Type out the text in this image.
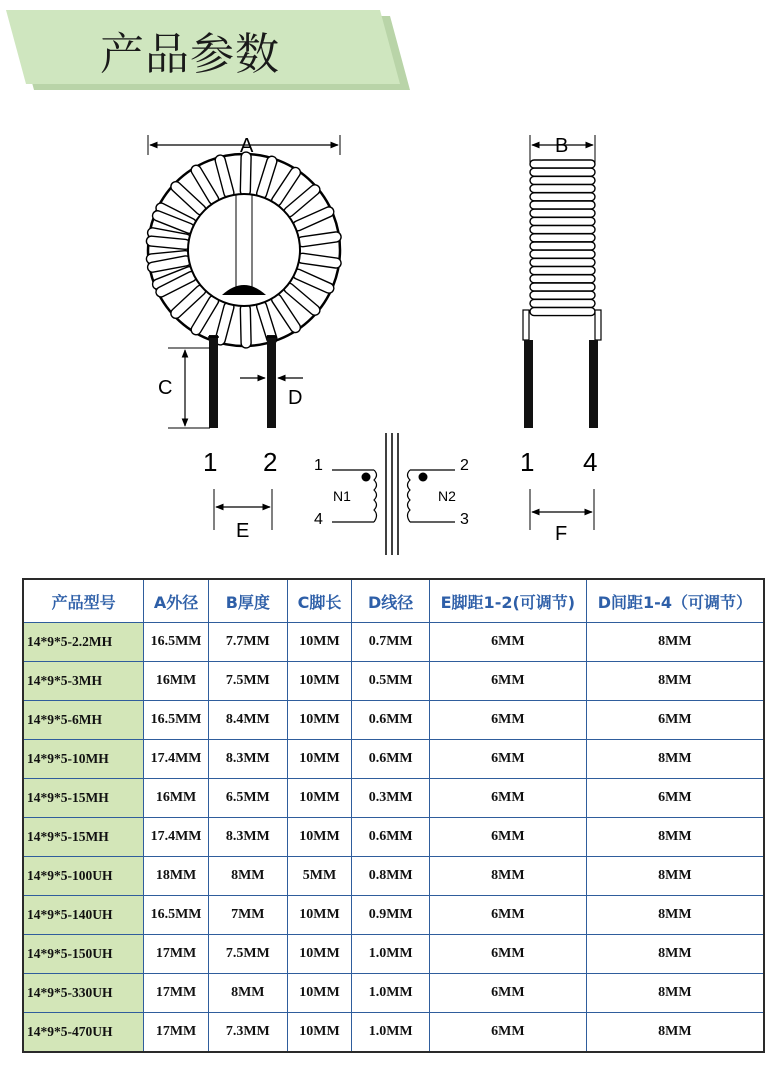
产品参数
A	B
C	D
E	F
1 2	1 4
1	2
4	3
N1	N2
产品型号	A外径	B厚度	C脚长	D线径	E脚距1-2(可调节)	D间距1-4（可调节）
14*9*5-2.2MH	16.5MM	7.7MM	10MM	0.7MM	6MM	8MM
14*9*5-3MH	16MM	7.5MM	10MM	0.5MM	6MM	8MM
14*9*5-6MH	16.5MM	8.4MM	10MM	0.6MM	6MM	6MM
14*9*5-10MH	17.4MM	8.3MM	10MM	0.6MM	6MM	8MM
14*9*5-15MH	16MM	6.5MM	10MM	0.3MM	6MM	6MM
14*9*5-15MH	17.4MM	8.3MM	10MM	0.6MM	6MM	8MM
14*9*5-100UH	18MM	8MM	5MM	0.8MM	8MM	8MM
14*9*5-140UH	16.5MM	7MM	10MM	0.9MM	6MM	8MM
14*9*5-150UH	17MM	7.5MM	10MM	1.0MM	6MM	8MM
14*9*5-330UH	17MM	8MM	10MM	1.0MM	6MM	8MM
14*9*5-470UH	17MM	7.3MM	10MM	1.0MM	6MM	8MM
